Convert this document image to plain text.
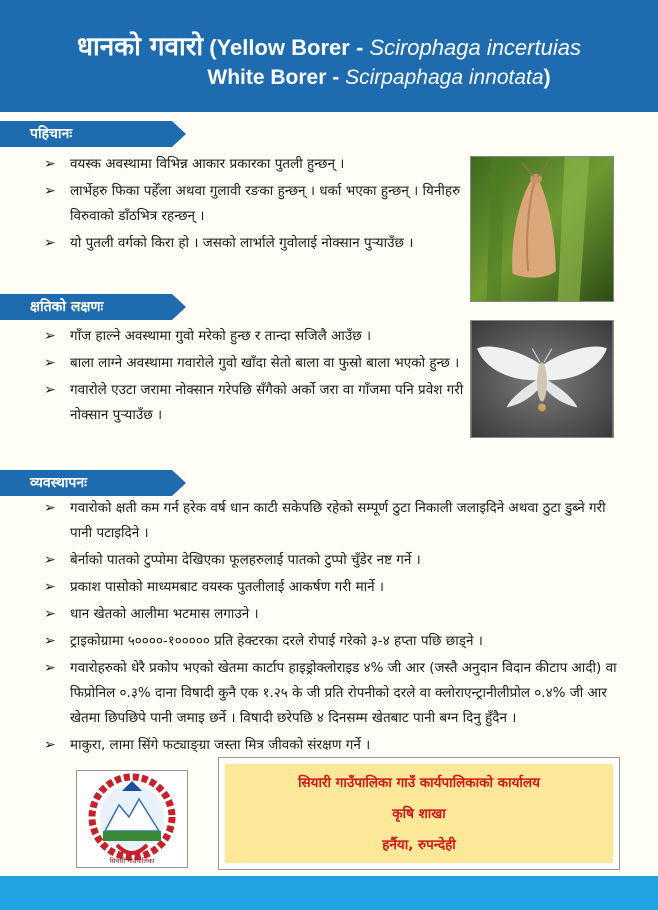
धानको गवारो (Yellow Borer - Scirophaga incertuias
White Borer - Scirpaphaga innotata)
पहिचानः
➢ वयस्क अवस्थामा विभिन्न आकार प्रकारका पुतली हुन्छन् ।
➢ लार्भेहरु फिका पहेँला अथवा गुलावी रङका हुन्छन् । धर्का भएका हुन्छन् । यिनीहरु विरुवाको डाँठभित्र रहन्छन् ।
➢ यो पुतली वर्गको किरा हो । जसको लार्भाले गुवोलाई नोक्सान पुऱ्याउँछ ।
क्षतिको लक्षणः
➢ गाँज हाल्ने अवस्थामा गुवो मरेको हुन्छ र तान्दा सजिलै आउँछ ।
➢ बाला लाग्ने अवस्थामा गवारोले गुवो खाँदा सेतो बाला वा फुस्रो बाला भएको हुन्छ ।
➢ गवारोले एउटा जरामा नोक्सान गरेपछि सँगैको अर्को जरा वा गाँजमा पनि प्रवेश गरी नोक्सान पुऱ्याउँछ ।
व्यवस्थापनः
➢ गवारोको क्षती कम गर्न हरेक वर्ष धान काटी सकेपछि रहेको सम्पूर्ण ठुटा निकाली जलाइदिने अथवा ठुटा डुब्ने गरी पानी पटाइदिने ।
➢ बेर्नाको पातको टुप्पोमा देखिएका फूलहरुलाई पातको टुप्पो चुँडेर नष्ट गर्ने ।
➢ प्रकाश पासोको माध्यमबाट वयस्क पुतलीलाई आकर्षण गरी मार्ने ।
➢ धान खेतको आलीमा भटमास लगाउने ।
➢ ट्राइकोग्रामा ५००००-१००००० प्रति हेक्टरका दरले रोपाई गरेको ३-४ हप्ता पछि छाड्ने ।
➢ गवारोहरुको धेरै प्रकोप भएको खेतमा कार्टाप हाइड्रोक्लोराइड ४% जी आर (जस्तै अनुदान विदान कीटाप आदी) वा फिप्रोनिल ०.३% दाना विषादी कुनै एक १.२५ के जी प्रति रोपनीको दरले वा क्लोराएन्ट्रानीलीप्रोल ०.४% जी आर खेतमा छिपछिपे पानी जमाइ छर्ने । विषादी छरेपछि ४ दिनसम्म खेतबाट पानी बग्न दिनु हुँदैन ।
➢ माकुरा, लामा सिंगे फट्याङ्ग्रा जस्ता मित्र जीवको संरक्षण गर्ने ।
सियारी गाउँपालिका
सियारी गाउँपालिका गाउँ कार्यपालिकाको कार्यालय
कृषि शाखा
हर्नैया, रुपन्देही
